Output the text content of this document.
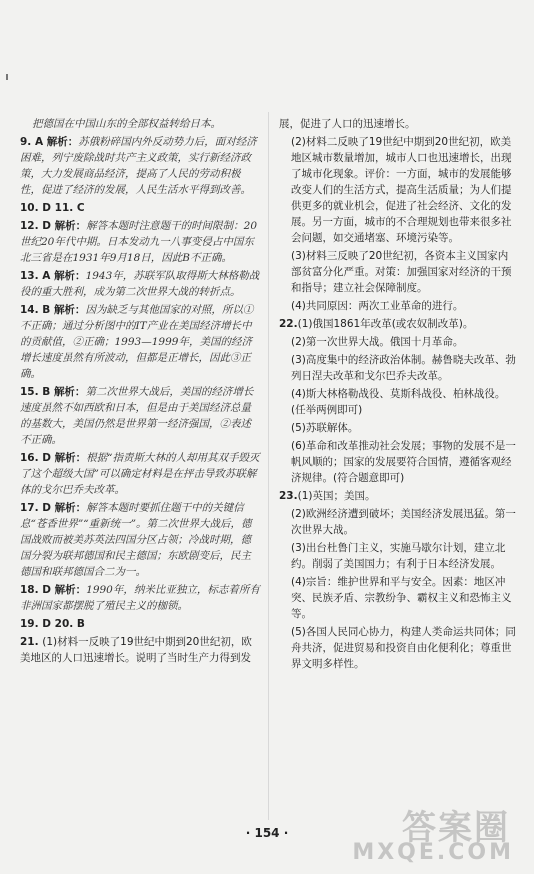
把德国在中国山东的全部权益转给日本。

9. A 解析：苏俄粉碎国内外反动势力后，面对经济困难，列宁废除战时共产主义政策，实行新经济政策，大力发展商品经济，提高了人民的劳动积极性，促进了经济的发展，人民生活水平得到改善。

10. D 11. C

12. D 解析：解答本题时注意题干的时间限制：20世纪20年代中期。日本发动九一八事变侵占中国东北三省是在1931年9月18日，因此B不正确。

13. A 解析：1943年，苏联军队取得斯大林格勒战役的重大胜利，成为第二次世界大战的转折点。

14. B 解析：因为缺乏与其他国家的对照，所以①不正确；通过分析图中的IT产业在美国经济增长中的贡献值，②正确；1993—1999年，美国的经济增长速度虽然有所波动，但都是正增长，因此③正确。

15. B 解析：第二次世界大战后，美国的经济增长速度虽然不如西欧和日本，但是由于美国经济总量的基数大，美国仍然是世界第一经济强国，②表述不正确。

16. D 解析：根据“指责斯大林的人却用其双手毁灭了这个超级大国”可以确定材料是在抨击导致苏联解体的戈尔巴乔夫改革。

17. D 解析：解答本题时要抓住题干中的关键信息“苍香世界”“重新统一”。第二次世界大战后，德国战败而被美苏英法四国分区占领；冷战时期，德国分裂为联邦德国和民主德国；东欧剧变后，民主德国和联邦德国合二为一。

18. D 解析：1990年，纳米比亚独立，标志着所有非洲国家都摆脱了殖民主义的枷锁。

19. D 20. B

21. (1)材料一反映了19世纪中期到20世纪初，欧美地区的人口迅速增长。说明了当时生产力得到发

展，促进了人口的迅速增长。

(2)材料二反映了19世纪中期到20世纪初，欧美地区城市数量增加，城市人口也迅速增长，出现了城市化现象。评价：一方面，城市的发展能够改变人们的生活方式，提高生活质量；为人们提供更多的就业机会，促进了社会经济、文化的发展。另一方面，城市的不合理规划也带来很多社会问题，如交通堵塞、环境污染等。

(3)材料三反映了20世纪初，各资本主义国家内部贫富分化严重。对策：加强国家对经济的干预和指导；建立社会保障制度。

(4)共同原因：两次工业革命的进行。

22.(1)俄国1861年改革(或农奴制改革)。

(2)第一次世界大战。俄国十月革命。

(3)高度集中的经济政治体制。赫鲁晓夫改革、勃列日涅夫改革和戈尔巴乔夫改革。

(4)斯大林格勒战役、莫斯科战役、柏林战役。(任举两例即可)

(5)苏联解体。

(6)革命和改革推动社会发展；事物的发展不是一帆风顺的；国家的发展要符合国情，遵循客观经济规律。(符合题意即可)

23.(1)英国；美国。

(2)欧洲经济遭到破坏；美国经济发展迅猛。第一次世界大战。

(3)出台杜鲁门主义，实施马歇尔计划，建立北约。削弱了美国国力；有利于日本经济发展。

(4)宗旨：维护世界和平与安全。因素：地区冲突、民族矛盾、宗教纷争、霸权主义和恐怖主义等。

(5)各国人民同心协力，构建人类命运共同体；同舟共济，促进贸易和投资自由化便利化；尊重世界文明多样性。

· 154 ·	答案圈
MXQE.COM
